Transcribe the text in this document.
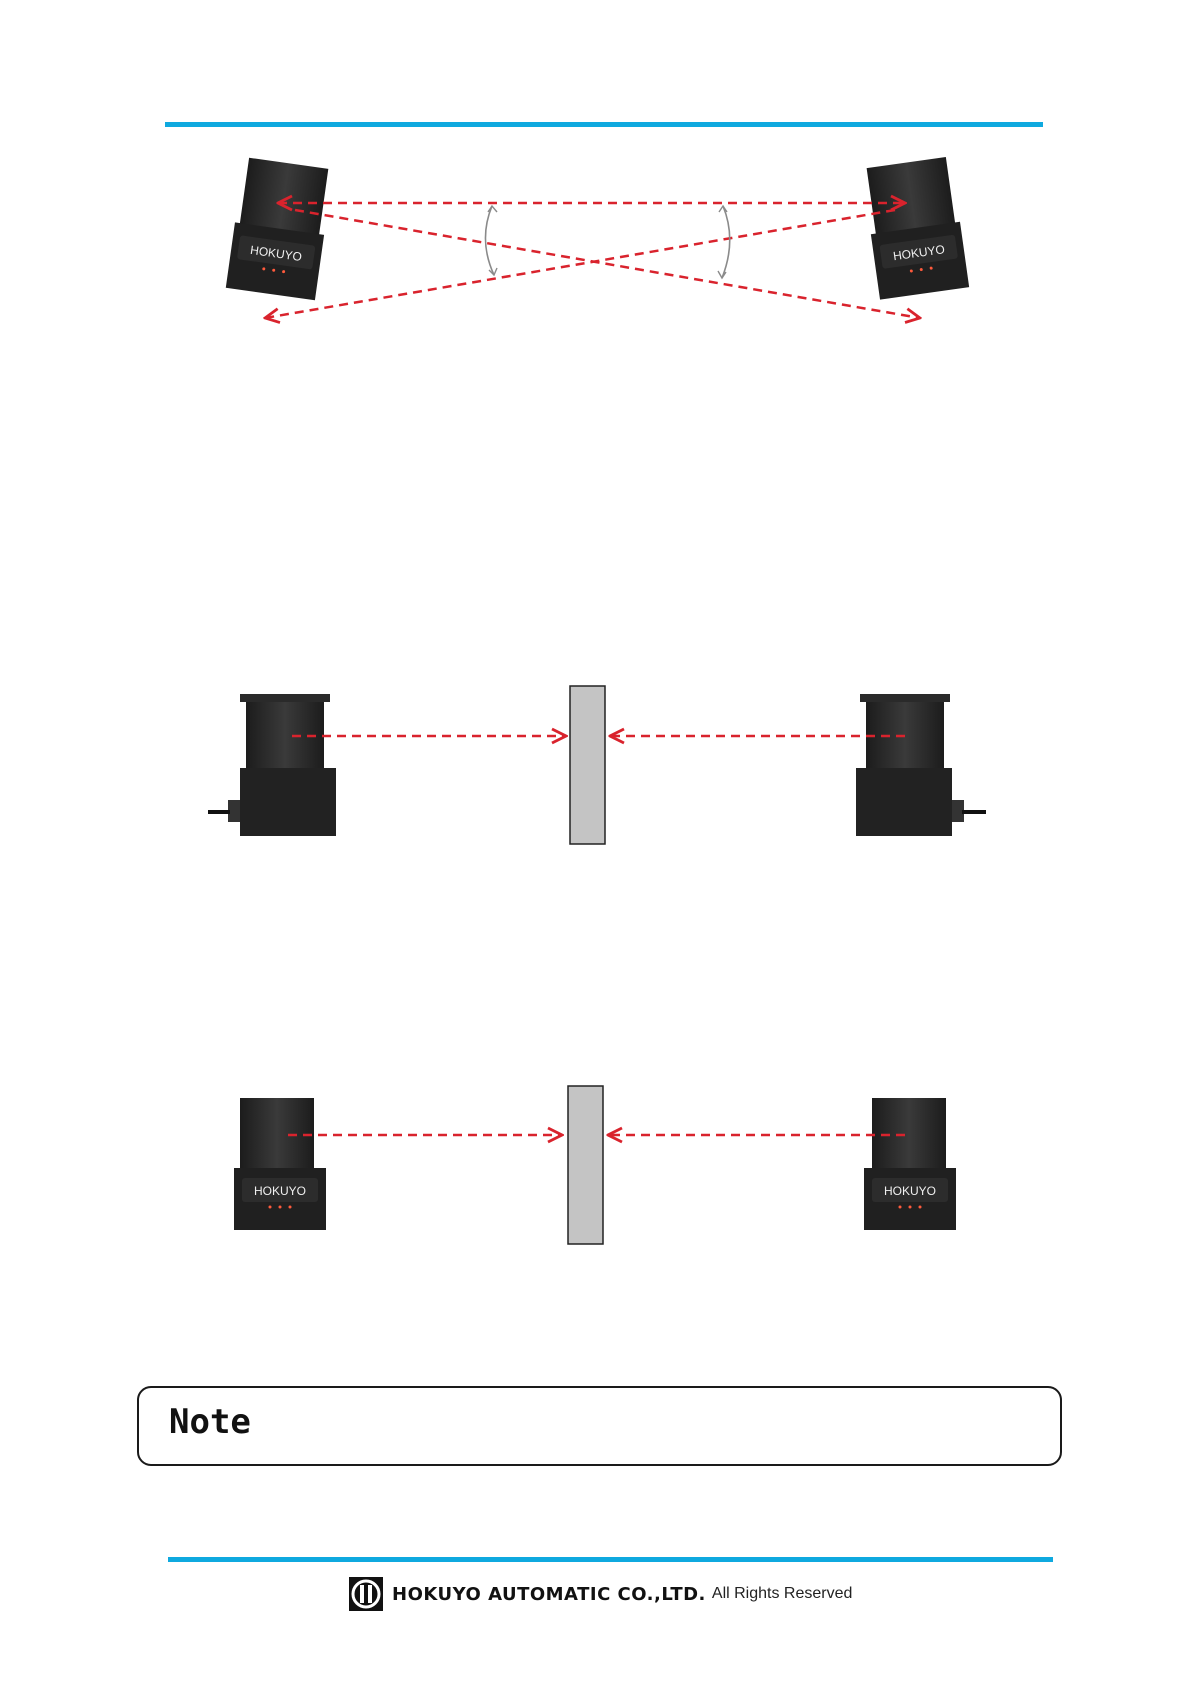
HOKUYO	HOKUYO
HOKUYO	HOKUYO
Note
HOKUYO AUTOMATIC CO.,LTD. All Rights Reserved
